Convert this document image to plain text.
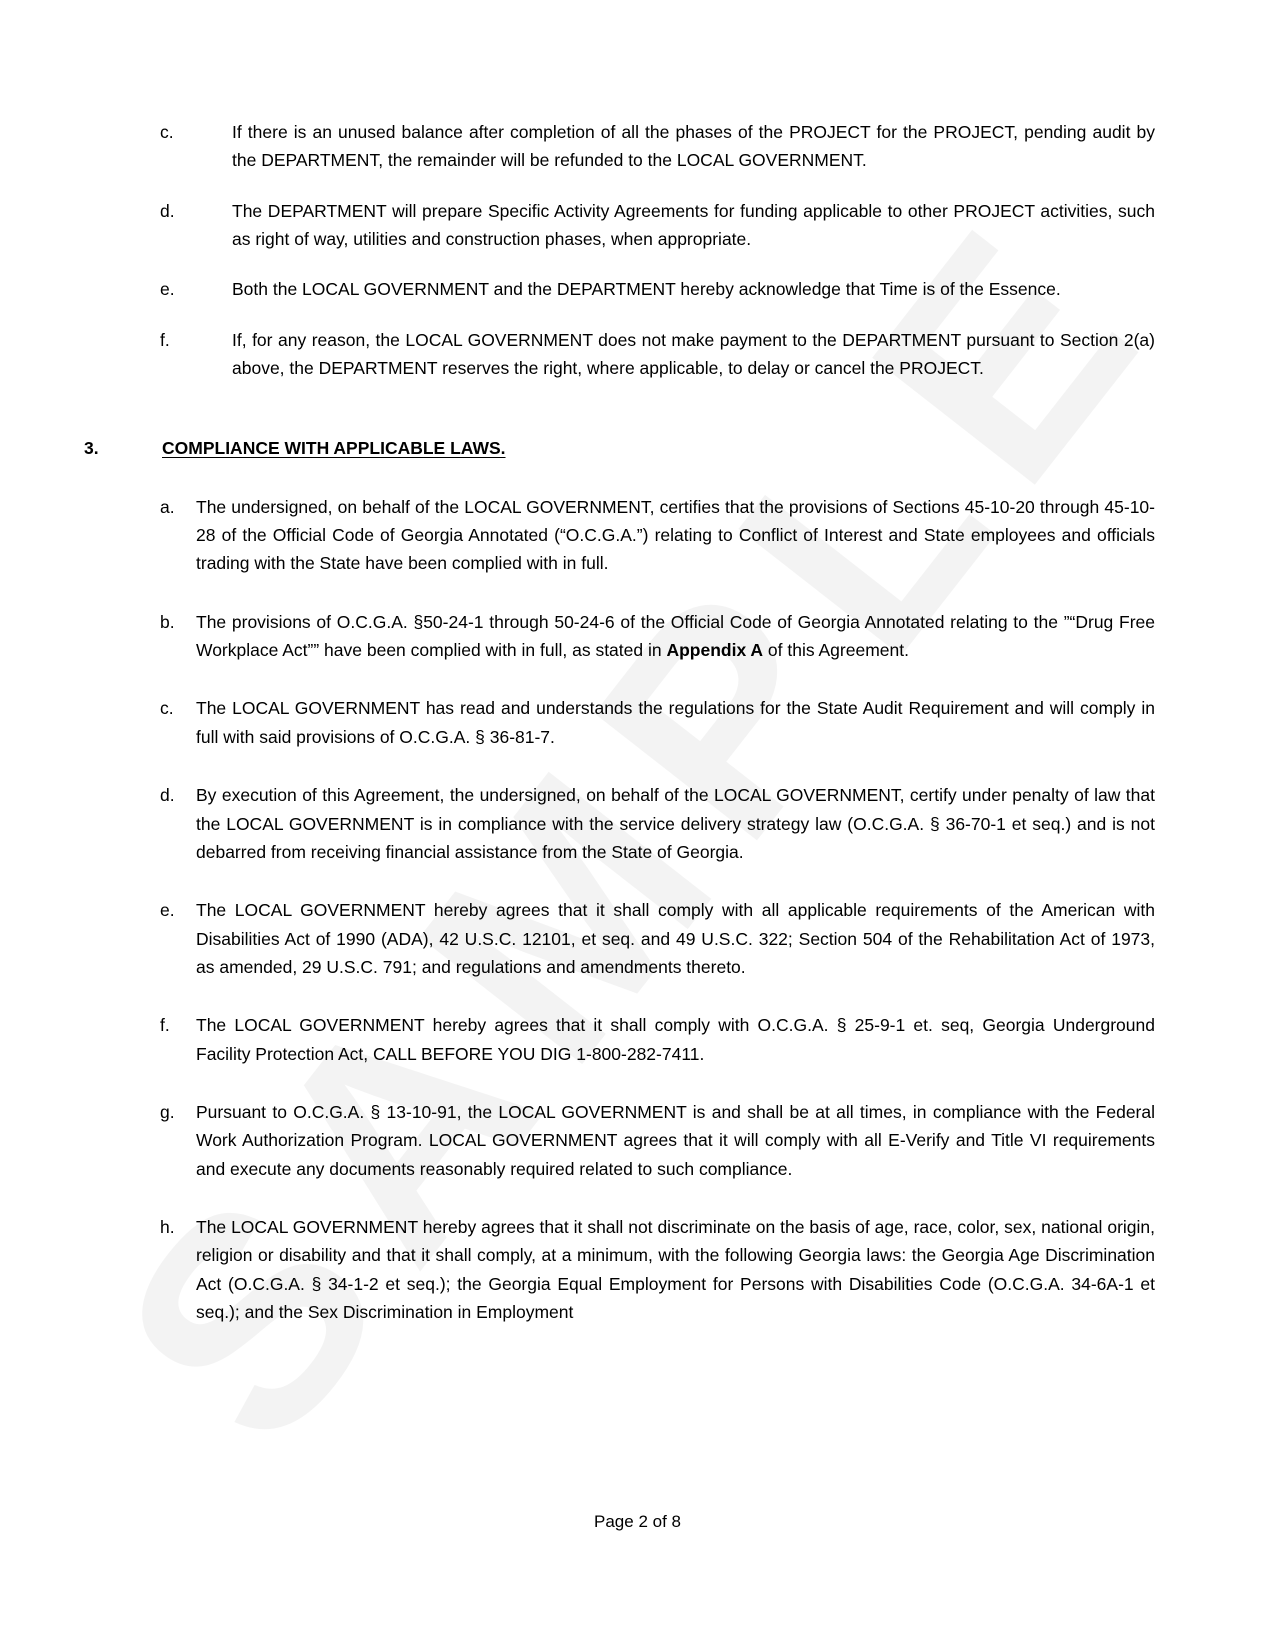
c.	If there is an unused balance after completion of all the phases of the PROJECT for the PROJECT, pending audit by the DEPARTMENT, the remainder will be refunded to the LOCAL GOVERNMENT.
d.	The DEPARTMENT will prepare Specific Activity Agreements for funding applicable to other PROJECT activities, such as right of way, utilities and construction phases, when appropriate.
e.	Both the LOCAL GOVERNMENT and the DEPARTMENT hereby acknowledge that Time is of the Essence.
f.	If, for any reason, the LOCAL GOVERNMENT does not make payment to the DEPARTMENT pursuant to Section 2(a) above, the DEPARTMENT reserves the right, where applicable, to delay or cancel the PROJECT.
3.	COMPLIANCE WITH APPLICABLE LAWS.
a.	The undersigned, on behalf of the LOCAL GOVERNMENT, certifies that the provisions of Sections 45-10-20 through 45-10-28 of the Official Code of Georgia Annotated (“O.C.G.A.”) relating to Conflict of Interest and State employees and officials trading with the State have been complied with in full.
b.	The provisions of O.C.G.A. §50-24-1 through 50-24-6 of the Official Code of Georgia Annotated relating to the ”“Drug Free Workplace Act”” have been complied with in full, as stated in Appendix A of this Agreement.
c.	The LOCAL GOVERNMENT has read and understands the regulations for the State Audit Requirement and will comply in full with said provisions of O.C.G.A. § 36-81-7.
d.	By execution of this Agreement, the undersigned, on behalf of the LOCAL GOVERNMENT, certify under penalty of law that the LOCAL GOVERNMENT is in compliance with the service delivery strategy law (O.C.G.A. § 36-70-1 et seq.) and is not debarred from receiving financial assistance from the State of Georgia.
e.	The LOCAL GOVERNMENT hereby agrees that it shall comply with all applicable requirements of the American with Disabilities Act of 1990 (ADA), 42 U.S.C. 12101, et seq. and 49 U.S.C. 322; Section 504 of the Rehabilitation Act of 1973, as amended, 29 U.S.C. 791; and regulations and amendments thereto.
f.	The LOCAL GOVERNMENT hereby agrees that it shall comply with O.C.G.A. § 25-9-1 et. seq, Georgia Underground Facility Protection Act, CALL BEFORE YOU DIG 1-800-282-7411.
g.	Pursuant to O.C.G.A. § 13-10-91, the LOCAL GOVERNMENT is and shall be at all times, in compliance with the Federal Work Authorization Program. LOCAL GOVERNMENT agrees that it will comply with all E-Verify and Title VI requirements and execute any documents reasonably required related to such compliance.
h.	The LOCAL GOVERNMENT hereby agrees that it shall not discriminate on the basis of age, race, color, sex, national origin, religion or disability and that it shall comply, at a minimum, with the following Georgia laws: the Georgia Age Discrimination Act (O.C.G.A. § 34-1-2 et seq.); the Georgia Equal Employment for Persons with Disabilities Code (O.C.G.A. 34-6A-1 et seq.); and the Sex Discrimination in Employment
Page 2 of 8
